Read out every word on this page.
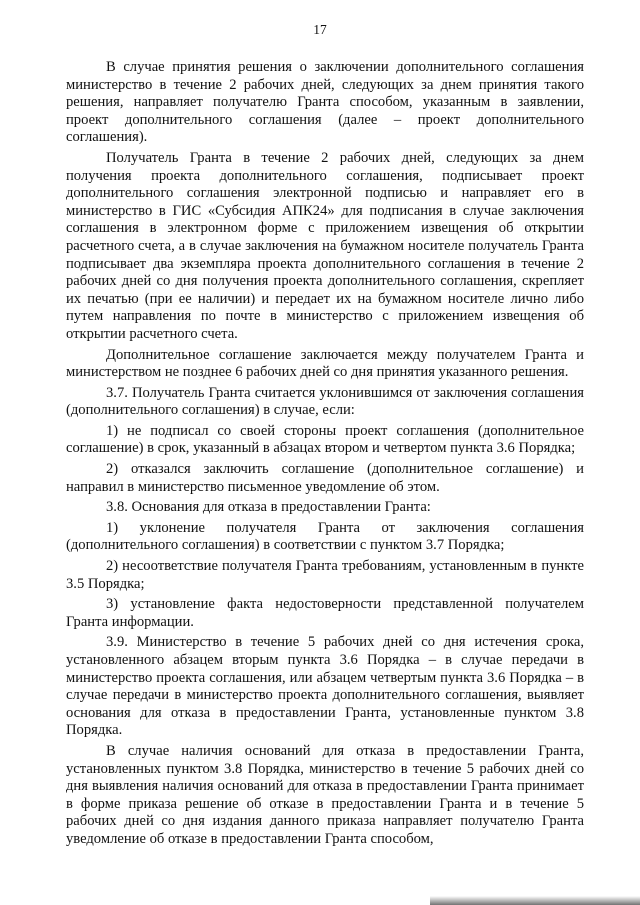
17

В случае принятия решения о заключении дополнительного соглашения министерство в течение 2 рабочих дней, следующих за днем принятия такого решения, направляет получателю Гранта способом, указанным в заявлении, проект дополнительного соглашения (далее – проект дополнительного соглашения).

Получатель Гранта в течение 2 рабочих дней, следующих за днем получения проекта дополнительного соглашения, подписывает проект дополнительного соглашения электронной подписью и направляет его в министерство в ГИС «Субсидия АПК24» для подписания в случае заключения соглашения в электронном форме с приложением извещения об открытии расчетного счета, а в случае заключения на бумажном носителе получатель Гранта подписывает два экземпляра проекта дополнительного соглашения в течение 2 рабочих дней со дня получения проекта дополнительного соглашения, скрепляет их печатью (при ее наличии) и передает их на бумажном носителе лично либо путем направления по почте в министерство с приложением извещения об открытии расчетного счета.

Дополнительное соглашение заключается между получателем Гранта и министерством не позднее 6 рабочих дней со дня принятия указанного решения.

3.7. Получатель Гранта считается уклонившимся от заключения соглашения (дополнительного соглашения) в случае, если:

1) не подписал со своей стороны проект соглашения (дополнительное соглашение) в срок, указанный в абзацах втором и четвертом пункта 3.6 Порядка;

2) отказался заключить соглашение (дополнительное соглашение) и направил в министерство письменное уведомление об этом.

3.8. Основания для отказа в предоставлении Гранта:

1) уклонение получателя Гранта от заключения соглашения (дополнительного соглашения) в соответствии с пунктом 3.7 Порядка;

2) несоответствие получателя Гранта требованиям, установленным в пункте 3.5 Порядка;

3) установление факта недостоверности представленной получателем Гранта информации.

3.9. Министерство в течение 5 рабочих дней со дня истечения срока, установленного абзацем вторым пункта 3.6 Порядка – в случае передачи в министерство проекта соглашения, или абзацем четвертым пункта 3.6 Порядка – в случае передачи в министерство проекта дополнительного соглашения, выявляет основания для отказа в предоставлении Гранта, установленные пунктом 3.8 Порядка.

В случае наличия оснований для отказа в предоставлении Гранта, установленных пунктом 3.8 Порядка, министерство в течение 5 рабочих дней со дня выявления наличия оснований для отказа в предоставлении Гранта принимает в форме приказа решение об отказе в предоставлении Гранта и в течение 5 рабочих дней со дня издания данного приказа направляет получателю Гранта уведомление об отказе в предоставлении Гранта способом,
